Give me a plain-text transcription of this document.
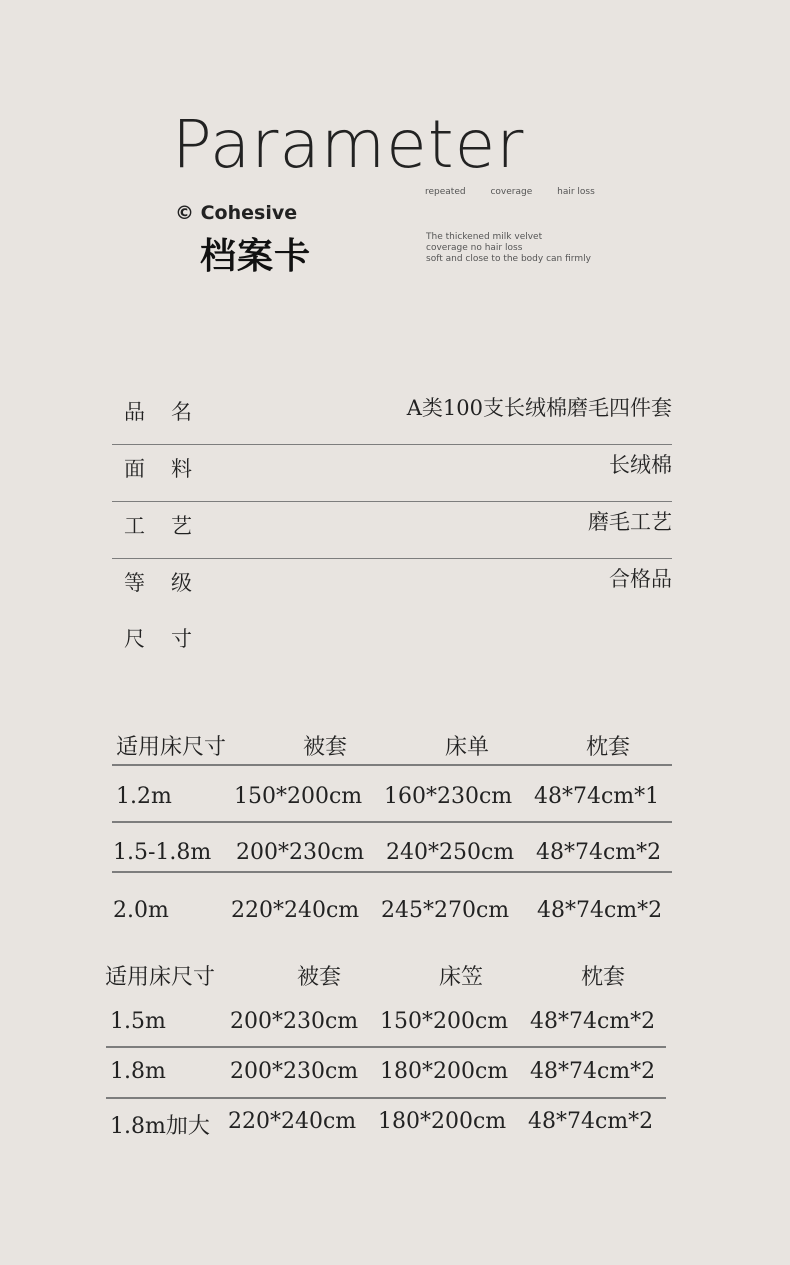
Parameter
© Cohesive
档案卡
repeated	coverage	hair loss
The thickened milk velvet
coverage no hair loss
soft and close to the body can firmly
品名	A类100支长绒棉磨毛四件套
面料	长绒棉
工艺	磨毛工艺
等级	合格品
尺寸
适用床尺寸	被套	床单	枕套
1.2m	150*200cm 160*230cm 48*74cm*1
1.5-1.8m 200*230cm 240*250cm 48*74cm*2
2.0m	220*240cm 245*270cm 48*74cm*2
适用床尺寸	被套	床笠	枕套
1.5m	200*230cm 150*200cm 48*74cm*2
1.8m	200*230cm 180*200cm 48*74cm*2
1.8m加大 220*240cm 180*200cm 48*74cm*2
